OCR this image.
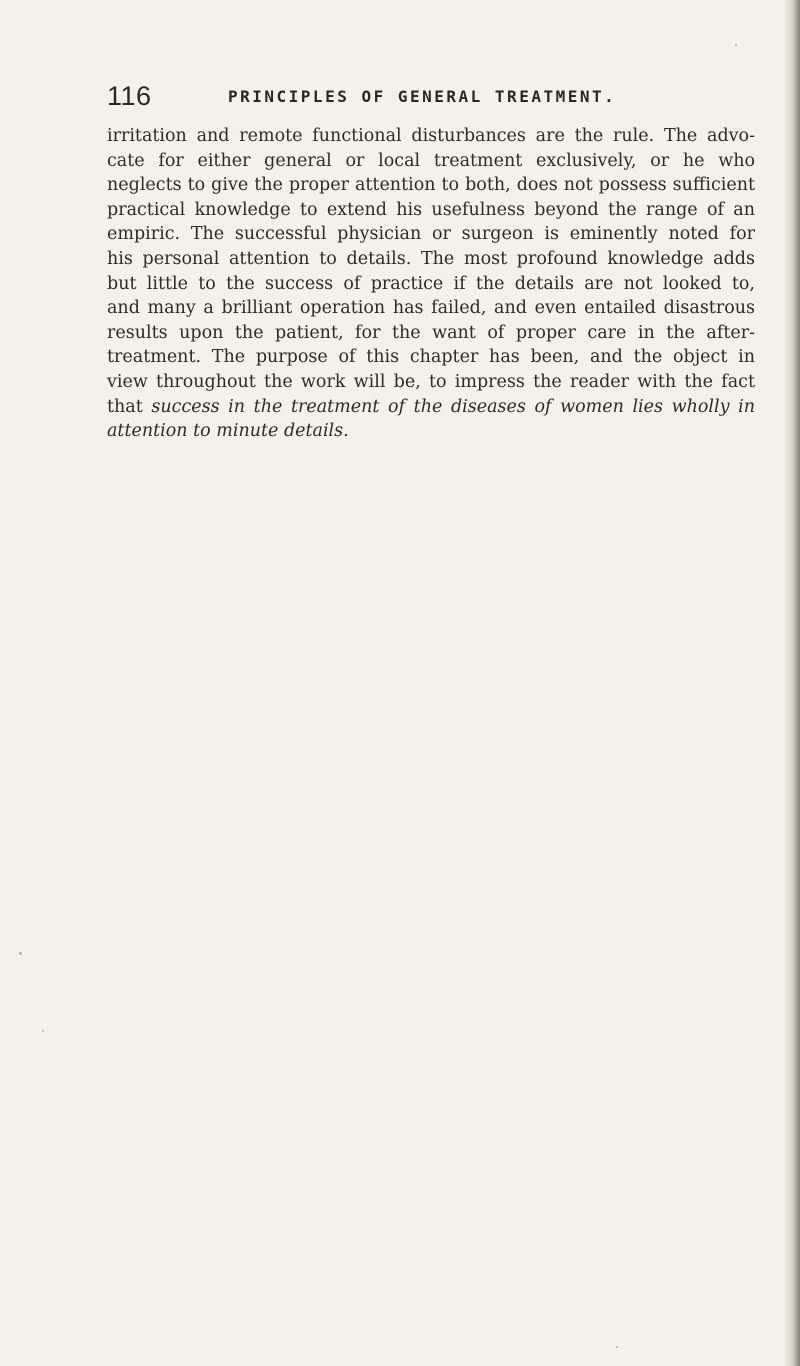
116	PRINCIPLES OF GENERAL TREATMENT.
irritation and remote functional disturbances are the rule. The advo-
cate for either general or local treatment exclusively, or he who
neglects to give the proper attention to both, does not possess sufficient
practical knowledge to extend his usefulness beyond the range of an
empiric. The successful physician or surgeon is eminently noted for
his personal attention to details. The most profound knowledge adds
but little to the success of practice if the details are not looked to,
and many a brilliant operation has failed, and even entailed disastrous
results upon the patient, for the want of proper care in the after-
treatment. The purpose of this chapter has been, and the object in
view throughout the work will be, to impress the reader with the fact
that success in the treatment of the diseases of women lies wholly in
attention to minute details.
